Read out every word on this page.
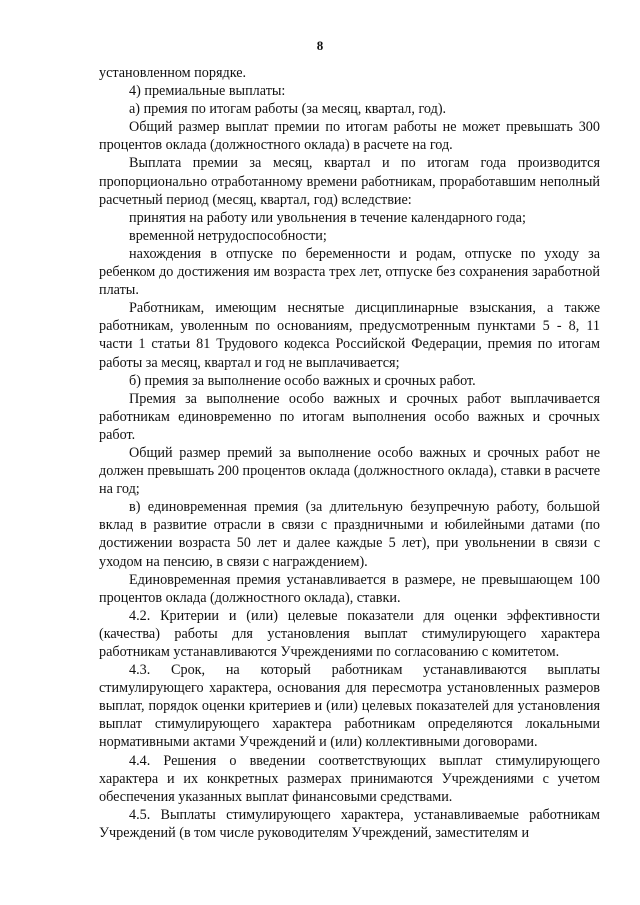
8

установленном порядке.

4) премиальные выплаты:

а) премия по итогам работы (за месяц, квартал, год).

Общий размер выплат премии по итогам работы не может превышать 300 процентов оклада (должностного оклада) в расчете на год.

Выплата премии за месяц, квартал и по итогам года производится пропорционально отработанному времени работникам, проработавшим неполный расчетный период (месяц, квартал, год) вследствие:

принятия на работу или увольнения в течение календарного года;

временной нетрудоспособности;

нахождения в отпуске по беременности и родам, отпуске по уходу за ребенком до достижения им возраста трех лет, отпуске без сохранения заработной платы.

Работникам, имеющим неснятые дисциплинарные взыскания, а также работникам, уволенным по основаниям, предусмотренным пунктами 5 - 8, 11 части 1 статьи 81 Трудового кодекса Российской Федерации, премия по итогам работы за месяц, квартал и год не выплачивается;

б) премия за выполнение особо важных и срочных работ.

Премия за выполнение особо важных и срочных работ выплачивается работникам единовременно по итогам выполнения особо важных и срочных работ.

Общий размер премий за выполнение особо важных и срочных работ не должен превышать 200 процентов оклада (должностного оклада), ставки в расчете на год;

в) единовременная премия (за длительную безупречную работу, большой вклад в развитие отрасли в связи с праздничными и юбилейными датами (по достижении возраста 50 лет и далее каждые 5 лет), при увольнении в связи с уходом на пенсию, в связи с награждением).

Единовременная премия устанавливается в размере, не превышающем 100 процентов оклада (должностного оклада), ставки.

4.2. Критерии и (или) целевые показатели для оценки эффективности (качества) работы для установления выплат стимулирующего характера работникам устанавливаются Учреждениями по согласованию с комитетом.

4.3. Срок, на который работникам устанавливаются выплаты стимулирующего характера, основания для пересмотра установленных размеров выплат, порядок оценки критериев и (или) целевых показателей для установления выплат стимулирующего характера работникам определяются локальными нормативными актами Учреждений и (или) коллективными договорами.

4.4. Решения о введении соответствующих выплат стимулирующего характера и их конкретных размерах принимаются Учреждениями с учетом обеспечения указанных выплат финансовыми средствами.

4.5. Выплаты стимулирующего характера, устанавливаемые работникам Учреждений (в том числе руководителям Учреждений, заместителям и
